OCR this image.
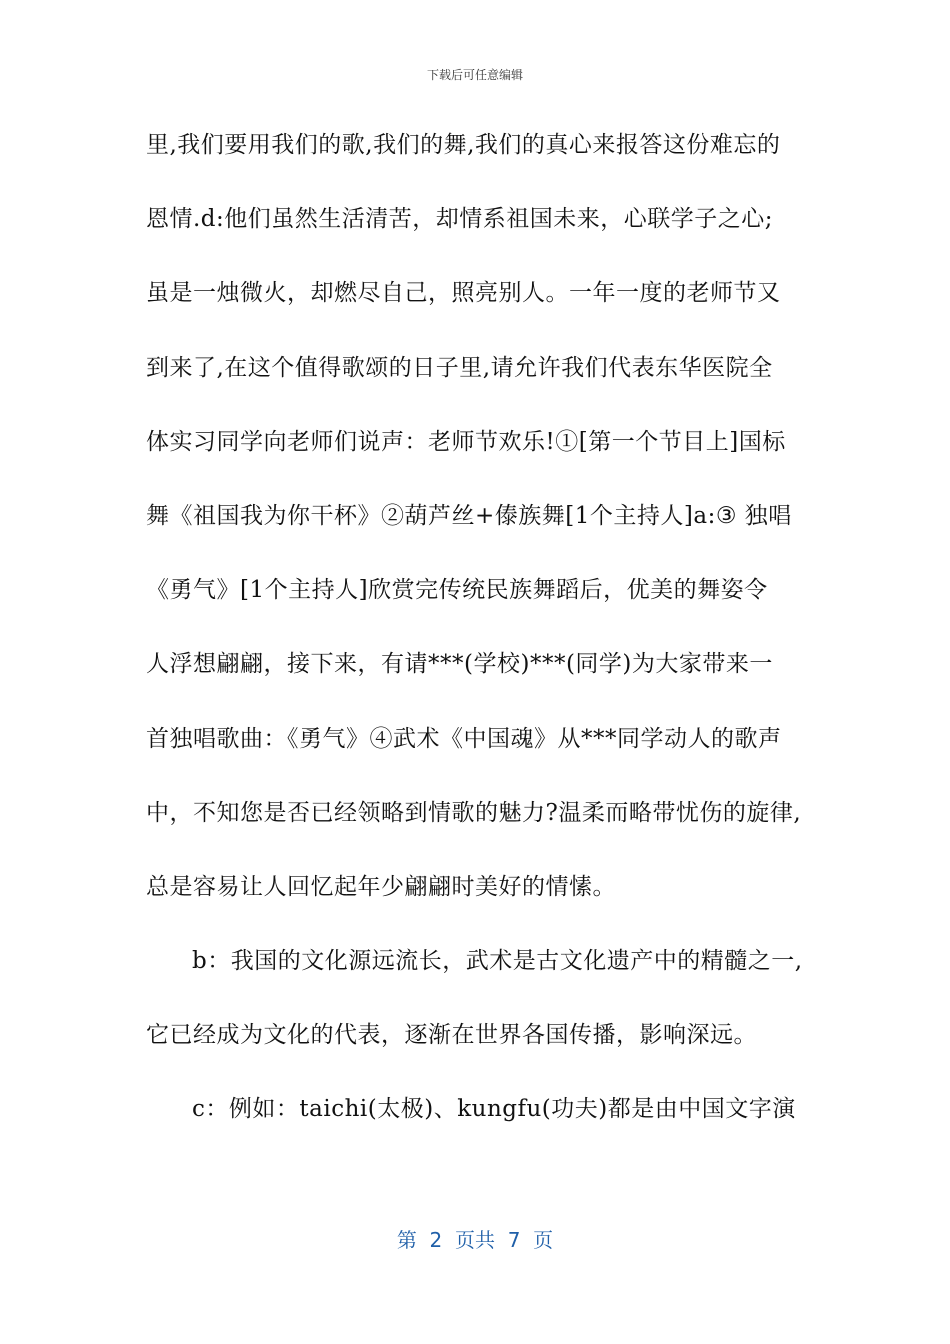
下载后可任意编辑
里,我们要用我们的歌,我们的舞,我们的真心来报答这份难忘的
恩情.d:他们虽然生活清苦，却情系祖国未来，心联学子之心;
虽是一烛微火，却燃尽自己，照亮别人。一年一度的老师节又
到来了,在这个值得歌颂的日子里,请允许我们代表东华医院全
体实习同学向老师们说声：老师节欢乐!①[第一个节目上]国标
舞《祖国我为你干杯》②葫芦丝+傣族舞[1个主持人]a:③ 独唱
《勇气》[1个主持人]欣赏完传统民族舞蹈后，优美的舞姿令
人浮想翩翩，接下来，有请***(学校)***(同学)为大家带来一
首独唱歌曲：《勇气》④武术《中国魂》从***同学动人的歌声
中，不知您是否已经领略到情歌的魅力?温柔而略带忧伤的旋律,
总是容易让人回忆起年少翩翩时美好的情愫。
b：我国的文化源远流长，武术是古文化遗产中的精髓之一,
它已经成为文化的代表，逐渐在世界各国传播，影响深远。
c：例如：taichi(太极)、kungfu(功夫)都是由中国文字演
第  2  页共  7  页
